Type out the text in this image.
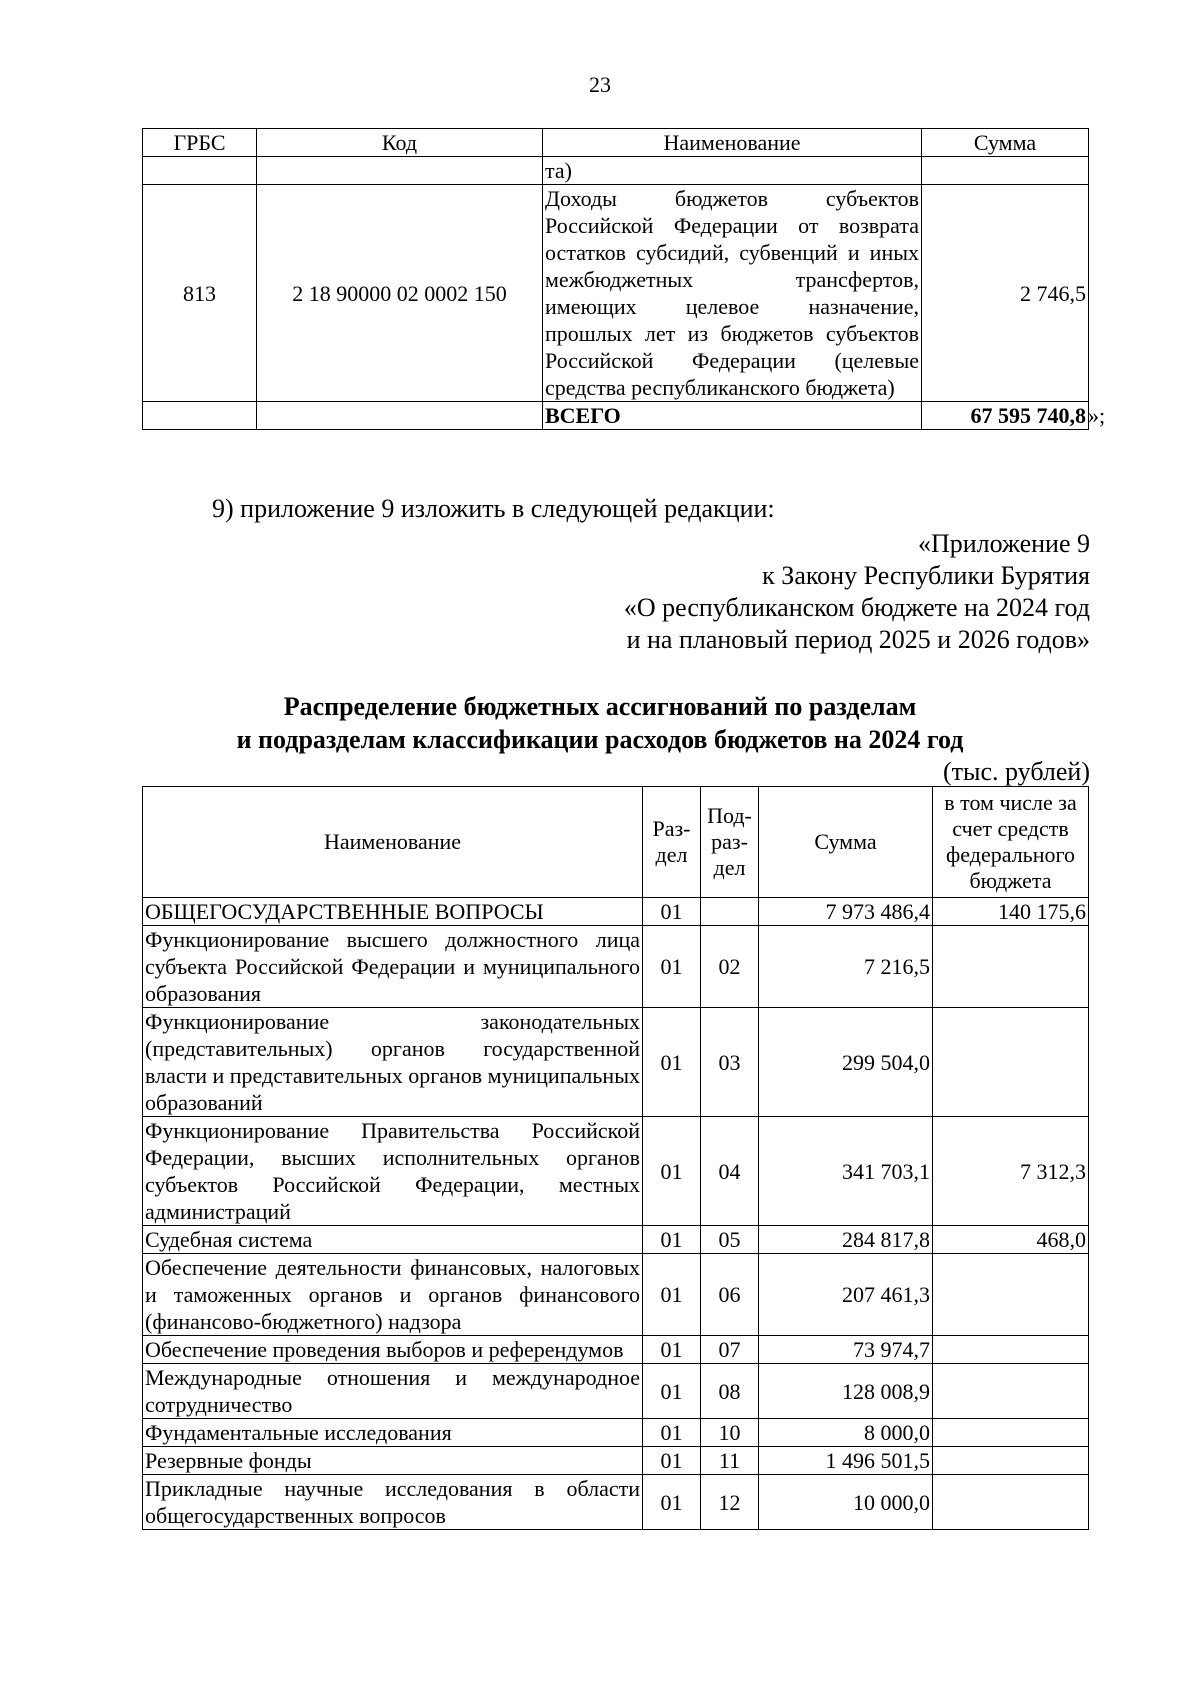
23
ГРБС	Код	Наименование	Сумма
		та)	
813	2 18 90000 02 0002 150	Доходы бюджетов субъектов Российской Федерации от возврата остатков субсидий, субвенций и иных межбюджетных трансфертов, имеющих целевое назначение, прошлых лет из бюджетов субъектов Российской Федерации (целевые средства республиканского бюджета)	2 746,5
		ВСЕГО	67 595 740,8 »;
9) приложение 9 изложить в следующей редакции:
«Приложение 9
к Закону Республики Бурятия
«О республиканском бюджете на 2024 год
и на плановый период 2025 и 2026 годов»
Распределение бюджетных ассигнований по разделам
и подразделам классификации расходов бюджетов на 2024 год
(тыс. рублей)
Наименование	Раз-дел	Под-раз-дел	Сумма	в том числе за счет средств федерального бюджета
ОБЩЕГОСУДАРСТВЕННЫЕ ВОПРОСЫ	01		7 973 486,4	140 175,6
Функционирование высшего должностного лица субъекта Российской Федерации и муниципального образования	01	02	7 216,5	
Функционирование законодательных (представительных) органов государственной власти и представительных органов муниципальных образований	01	03	299 504,0	
Функционирование Правительства Российской Федерации, высших исполнительных органов субъектов Российской Федерации, местных администраций	01	04	341 703,1	7 312,3
Судебная система	01	05	284 817,8	468,0
Обеспечение деятельности финансовых, налоговых и таможенных органов и органов финансового (финансово-бюджетного) надзора	01	06	207 461,3	
Обеспечение проведения выборов и референдумов	01	07	73 974,7	
Международные отношения и международное сотрудничество	01	08	128 008,9	
Фундаментальные исследования	01	10	8 000,0	
Резервные фонды	01	11	1 496 501,5	
Прикладные научные исследования в области общегосударственных вопросов	01	12	10 000,0	
